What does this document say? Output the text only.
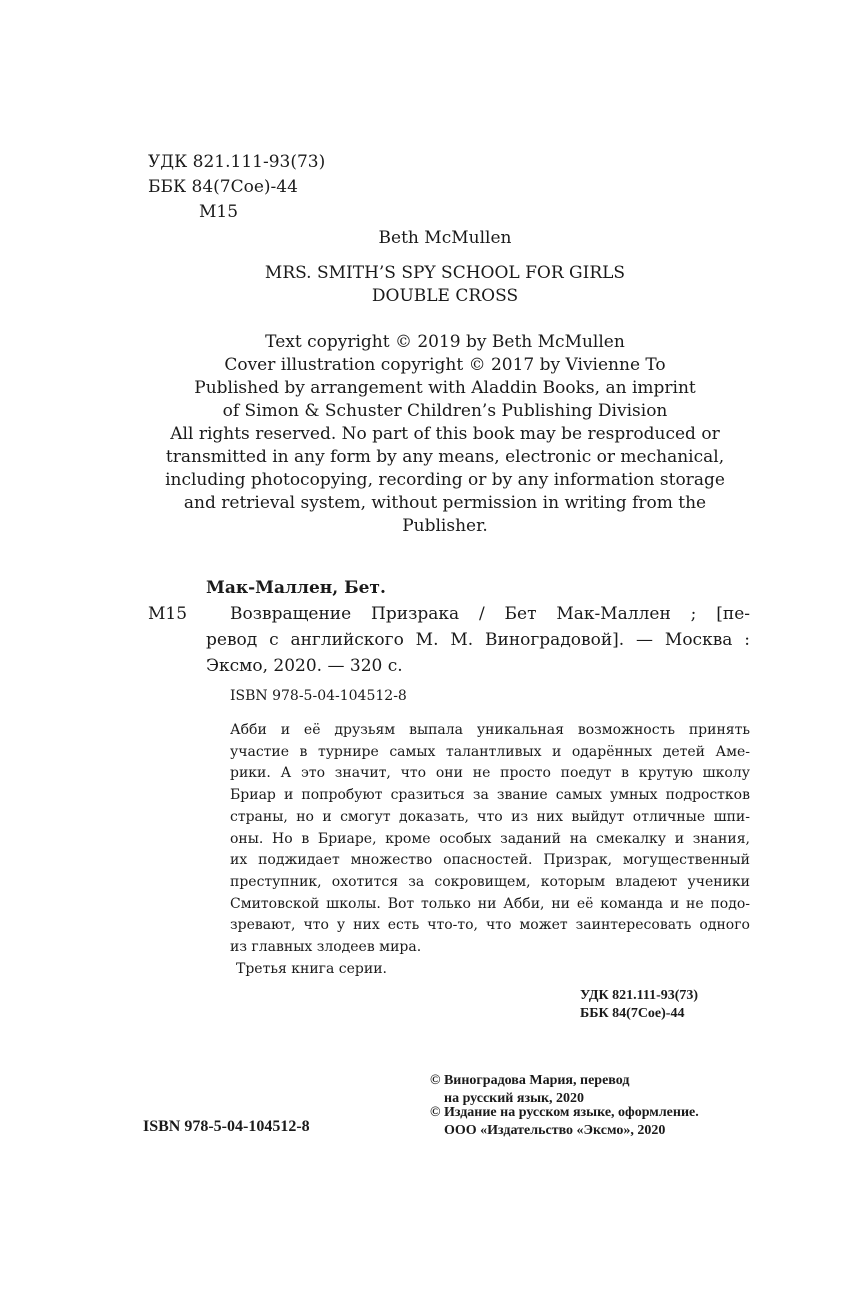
УДК 821.111-93(73)
ББК 84(7Сое)-44
М15
Beth McMullen
MRS. SMITH’S SPY SCHOOL FOR GIRLS
DOUBLE CROSS
Text copyright © 2019 by Beth McMullen
Cover illustration copyright © 2017 by Vivienne To
Published by arrangement with Aladdin Books, an imprint
of Simon & Schuster Children’s Publishing Division
All rights reserved. No part of this book may be resproduced or
transmitted in any form by any means, electronic or mechanical,
including photocopying, recording or by any information storage
and retrieval system, without permission in writing from the
Publisher.
Мак-Маллен, Бет.
М15	Возвращение Призрака / Бет Мак-Маллен ; [пе-
ревод с английского М. М. Виноградовой]. — Москва :
Эксмо, 2020. — 320 с.
ISBN 978-5-04-104512-8
Абби и её друзьям выпала уникальная возможность принять
участие в турнире самых талантливых и одарённых детей Аме-
рики. А это значит, что они не просто поедут в крутую школу
Бриар и попробуют сразиться за звание самых умных подростков
страны, но и смогут доказать, что из них выйдут отличные шпи-
оны. Но в Бриаре, кроме особых заданий на смекалку и знания,
их поджидает множество опасностей. Призрак, могущественный
преступник, охотится за сокровищем, которым владеют ученики
Смитовской школы. Вот только ни Абби, ни её команда и не подо-
зревают, что у них есть что-то, что может заинтересовать одного
из главных злодеев мира.
Третья книга серии.
УДК 821.111-93(73)
ББК 84(7Сое)-44
© Виноградова Мария, перевод
на русский язык, 2020
© Издание на русском языке, оформление.
ООО «Издательство «Эксмо», 2020
ISBN 978-5-04-104512-8
